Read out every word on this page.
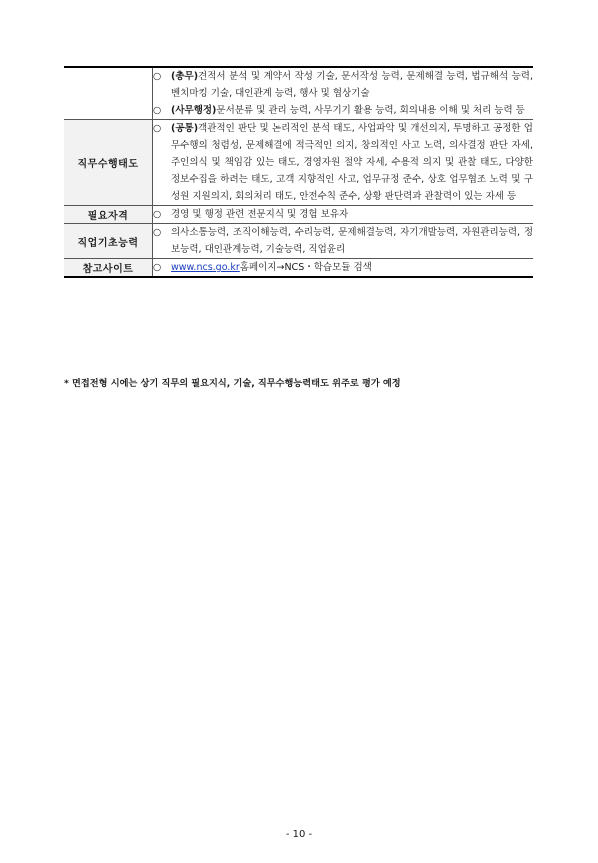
	○ (총무)견적서 분석 및 계약서 작성 기술, 문서작성 능력, 문제해결 능력, 법규해석 능력, 벤치마킹 기술, 대인관계 능력, 행사 및 협상기술
○ (사무행정)문서분류 및 관리 능력, 사무기기 활용 능력, 회의내용 이해 및 처리 능력 등

직무수행태도	○ (공통)객관적인 판단 및 논리적인 분석 태도, 사업파악 및 개선의지, 투명하고 공정한 업무수행의 청렴성, 문제해결에 적극적인 의지, 창의적인 사고 노력, 의사결정 판단 자세, 주인의식 및 책임감 있는 태도, 경영자원 절약 자세, 수용적 의지 및 관찰 태도, 다양한 정보수집을 하려는 태도, 고객 지향적인 사고, 업무규정 준수, 상호 업무협조 노력 및 구성원 지원의지, 회의처리 태도, 안전수칙 준수, 상황 판단력과 관찰력이 있는 자세 등

필요자격	○ 경영 및 행정 관련 전문지식 및 경험 보유자

직업기초능력	○ 의사소통능력, 조직이해능력, 수리능력, 문제해결능력, 자기개발능력, 자원관리능력, 정보능력, 대인관계능력, 기술능력, 직업윤리

참고사이트	○ www.ncs.go.kr홈페이지→NCS・학습모듈 검색
* 면접전형 시에는 상기 직무의 필요지식, 기술, 직무수행능력태도 위주로 평가 예정
- 10 -
